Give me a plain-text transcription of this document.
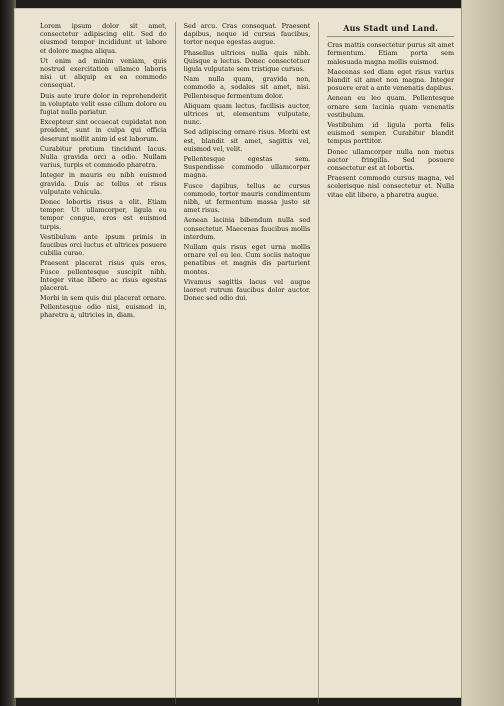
Lorem ipsum dolor sit amet, consectetur adipiscing elit. Sed do eiusmod tempor incididunt ut labore et dolore magna aliqua.

Ut enim ad minim veniam, quis nostrud exercitation ullamco laboris nisi ut aliquip ex ea commodo consequat.

Duis aute irure dolor in reprehenderit in voluptate velit esse cillum dolore eu fugiat nulla pariatur.

Excepteur sint occaecat cupidatat non proident, sunt in culpa qui officia deserunt mollit anim id est laborum.

Curabitur pretium tincidunt lacus. Nulla gravida orci a odio. Nullam varius, turpis et commodo pharetra.

Integer in mauris eu nibh euismod gravida. Duis ac tellus et risus vulputate vehicula.

Donec lobortis risus a elit. Etiam tempor. Ut ullamcorper, ligula eu tempor congue, eros est euismod turpis.

Vestibulum ante ipsum primis in faucibus orci luctus et ultrices posuere cubilia curae.

Praesent placerat risus quis eros. Fusce pellentesque suscipit nibh. Integer vitae libero ac risus egestas placerat.

Morbi in sem quis dui placerat ornare. Pellentesque odio nisi, euismod in, pharetra a, ultricies in, diam.

Sed arcu. Cras consequat. Praesent dapibus, neque id cursus faucibus, tortor neque egestas augue.

Phasellus ultrices nulla quis nibh. Quisque a lectus. Donec consectetuer ligula vulputate sem tristique cursus.

Nam nulla quam, gravida non, commodo a, sodales sit amet, nisi. Pellentesque fermentum dolor.

Aliquam quam lectus, facilisis auctor, ultrices ut, elementum vulputate, nunc.

Sed adipiscing ornare risus. Morbi est est, blandit sit amet, sagittis vel, euismod vel, velit.

Pellentesque egestas sem. Suspendisse commodo ullamcorper magna.

Fusce dapibus, tellus ac cursus commodo, tortor mauris condimentum nibh, ut fermentum massa justo sit amet risus.

Aenean lacinia bibendum nulla sed consectetur. Maecenas faucibus mollis interdum.

Nullam quis risus eget urna mollis ornare vel eu leo. Cum sociis natoque penatibus et magnis dis parturient montes.

Vivamus sagittis lacus vel augue laoreet rutrum faucibus dolor auctor. Donec sed odio dui.

Aus Stadt und Land.

Cras mattis consectetur purus sit amet fermentum. Etiam porta sem malesuada magna mollis euismod.

Maecenas sed diam eget risus varius blandit sit amet non magna. Integer posuere erat a ante venenatis dapibus.

Aenean eu leo quam. Pellentesque ornare sem lacinia quam venenatis vestibulum.

Vestibulum id ligula porta felis euismod semper. Curabitur blandit tempus porttitor.

Donec ullamcorper nulla non metus auctor fringilla. Sed posuere consectetur est at lobortis.

Praesent commodo cursus magna, vel scelerisque nisl consectetur et. Nulla vitae elit libero, a pharetra augue.
